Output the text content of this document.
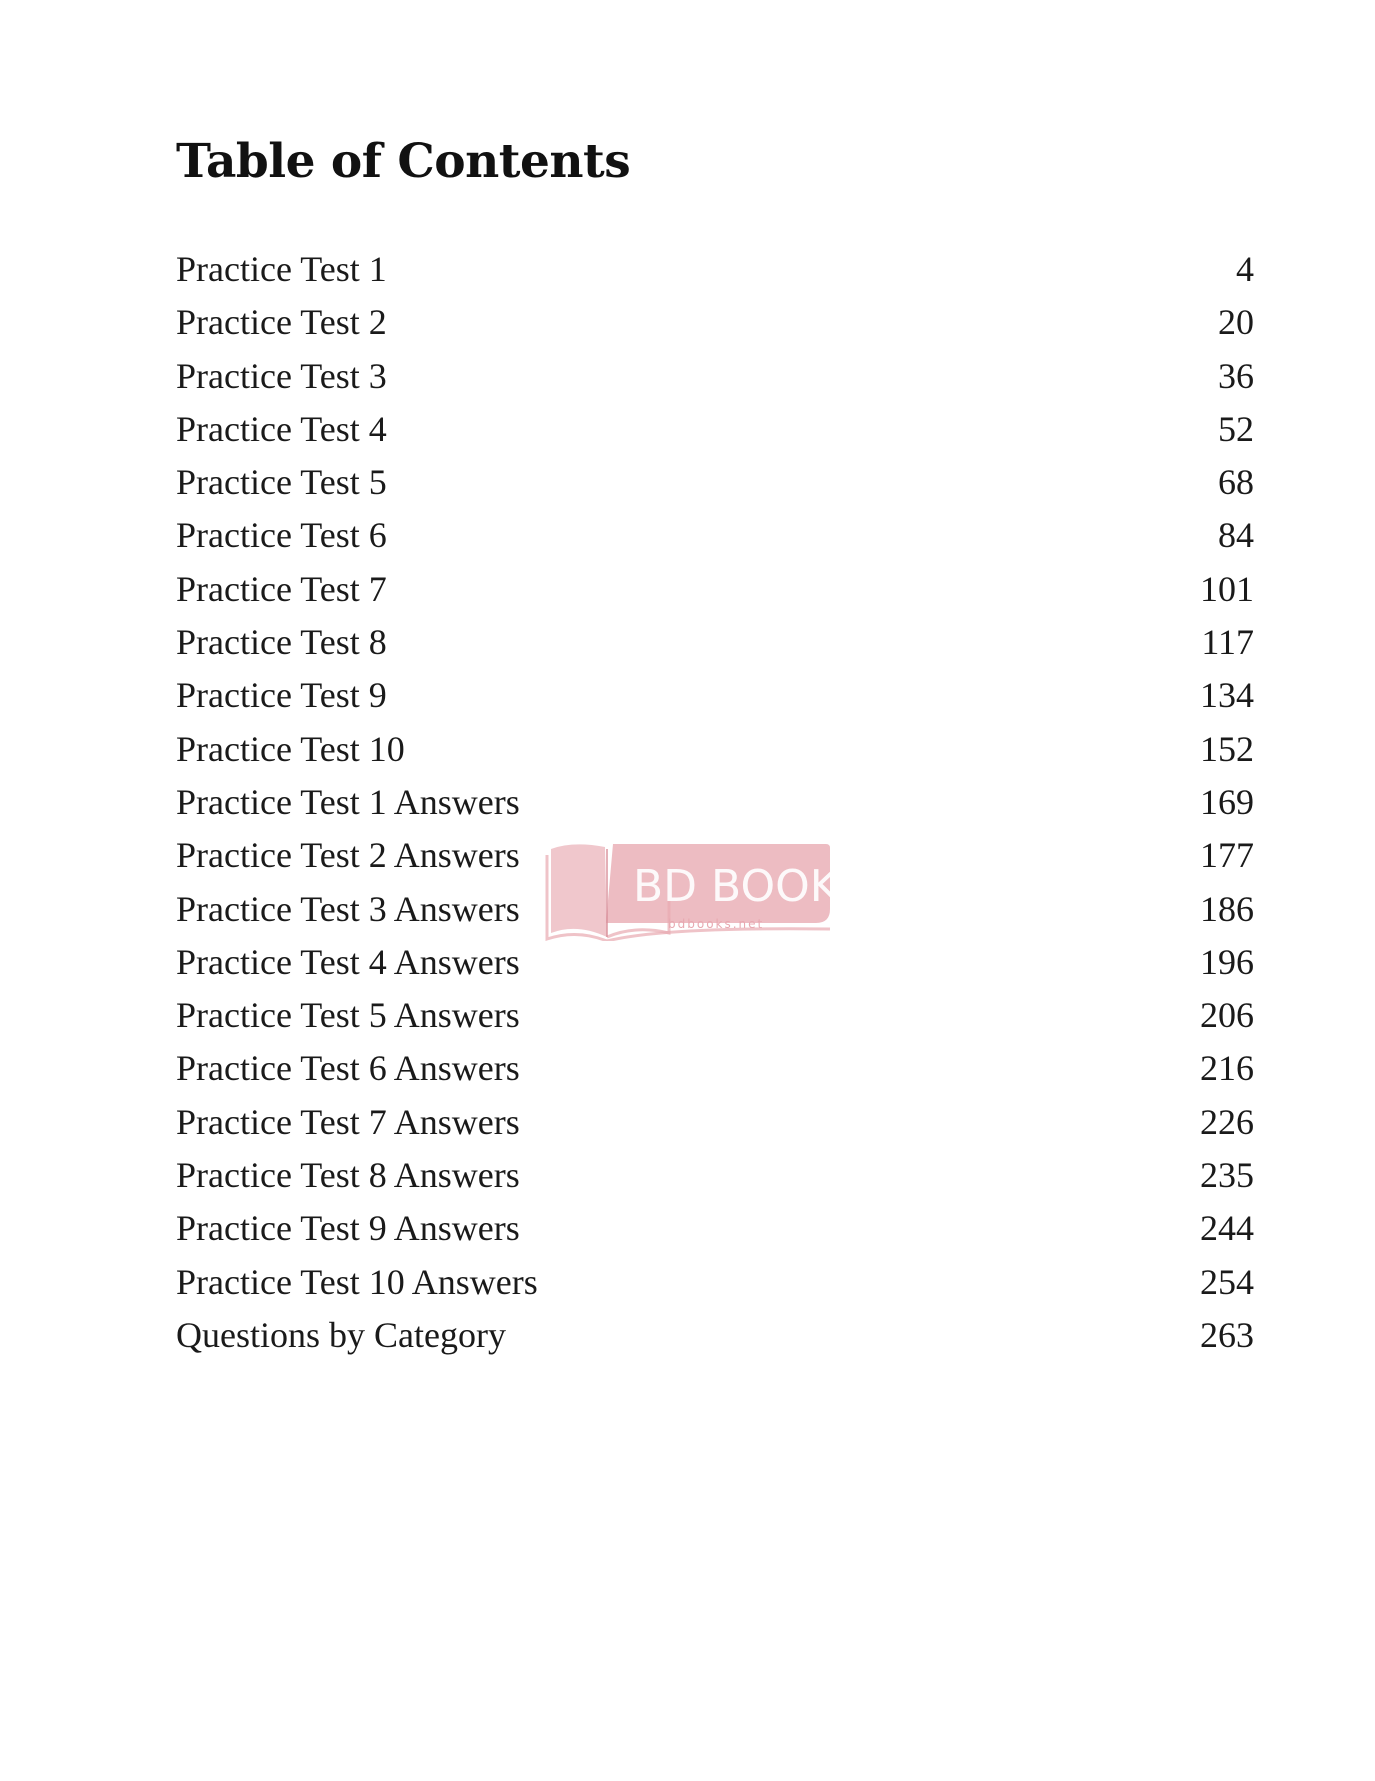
Table of Contents
Practice Test 1	4
Practice Test 2	20
Practice Test 3	36
Practice Test 4	52
Practice Test 5	68
Practice Test 6	84
Practice Test 7	101
Practice Test 8	117
Practice Test 9	134
Practice Test 10	152
Practice Test 1 Answers	169
Practice Test 2 Answers	177
Practice Test 3 Answers	186
Practice Test 4 Answers	196
Practice Test 5 Answers	206
Practice Test 6 Answers	216
Practice Test 7 Answers	226
Practice Test 8 Answers	235
Practice Test 9 Answers	244
Practice Test 10 Answers	254
Questions by Category	263
BD BOOKS
bdbooks.net
